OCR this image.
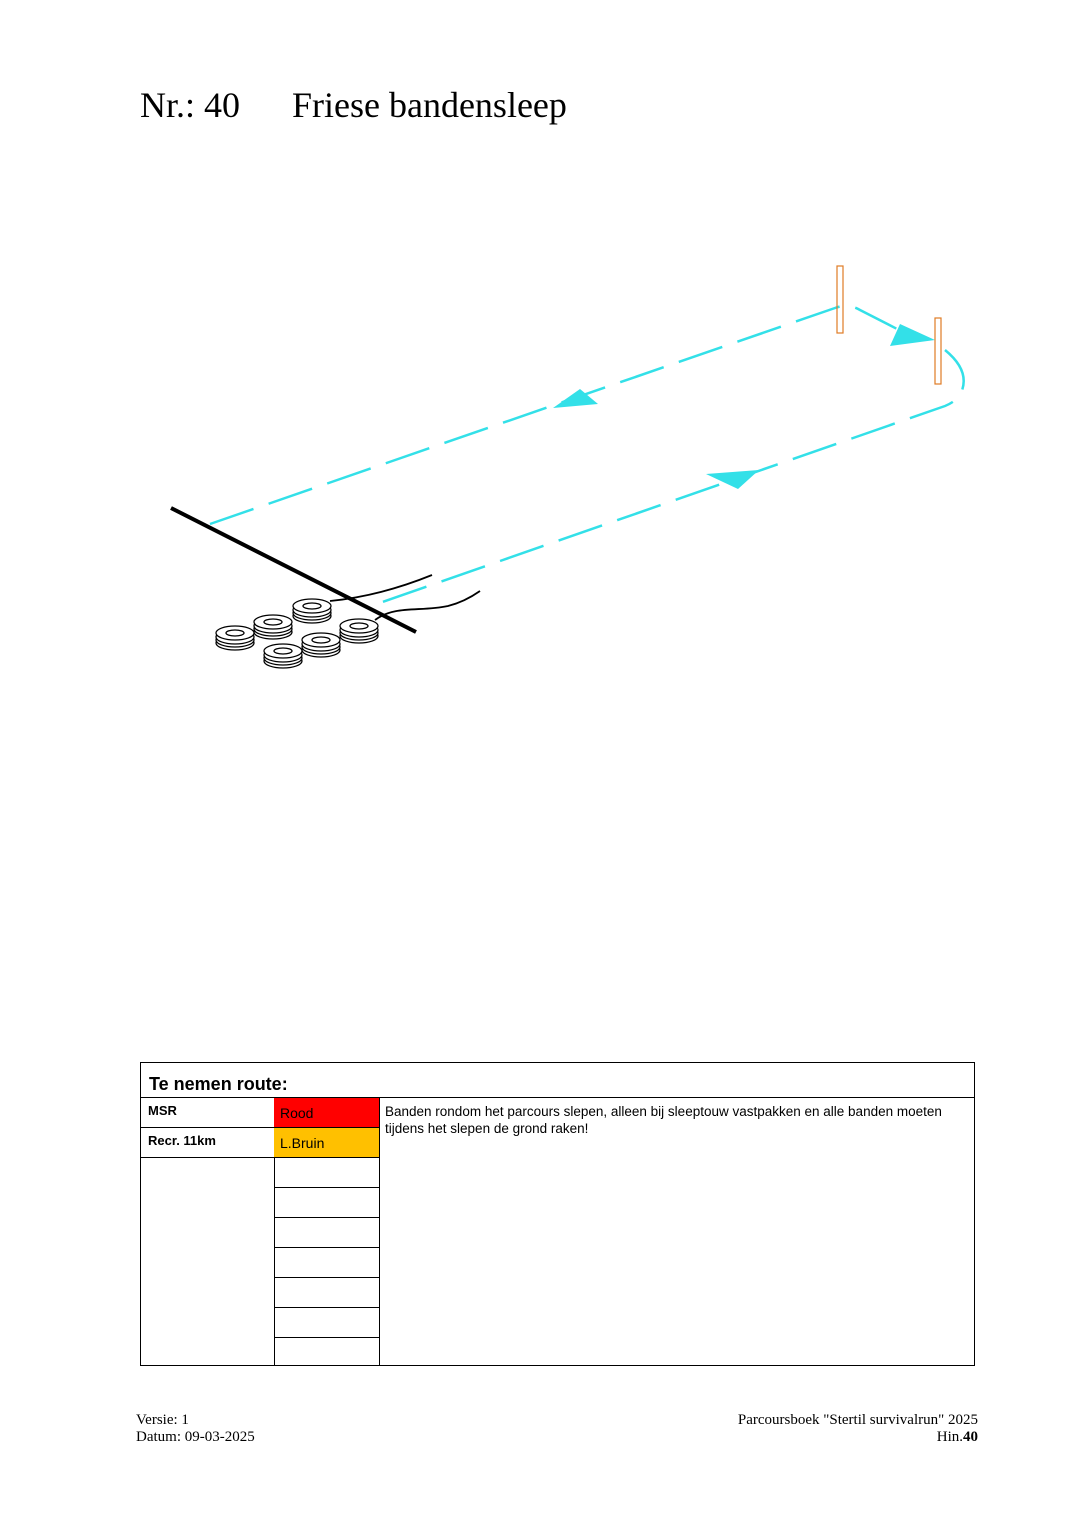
Nr.: 40 Friese bandensleep
Te nemen route:
MSR	Rood
Recr. 11km	L.Bruin
Banden rondom het parcours slepen, alleen bij sleeptouw vastpakken en alle banden moeten tijdens het slepen de grond raken!
Versie: 1
Datum: 09-03-2025
Parcoursboek "Stertil survivalrun" 2025
Hin.40
